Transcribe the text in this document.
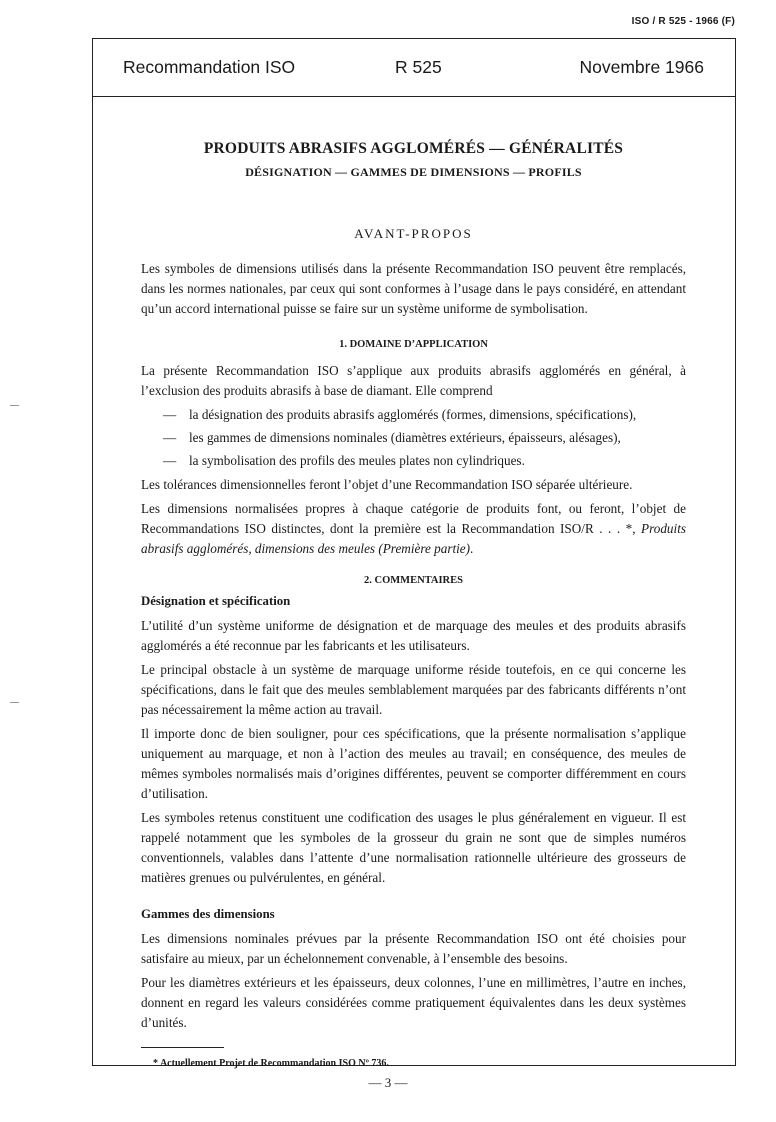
ISO / R 525 - 1966 (F)
Recommandation ISO	R 525	Novembre 1966
PRODUITS ABRASIFS AGGLOMÉRÉS — GÉNÉRALITÉS
DÉSIGNATION — GAMMES DE DIMENSIONS — PROFILS
AVANT-PROPOS

Les symboles de dimensions utilisés dans la présente Recommandation ISO peuvent être remplacés, dans les normes nationales, par ceux qui sont conformes à l’usage dans le pays considéré, en attendant qu’un accord international puisse se faire sur un système uniforme de symbolisation.

1. DOMAINE D’APPLICATION

La présente Recommandation ISO s’applique aux produits abrasifs agglomérés en général, à l’exclusion des produits abrasifs à base de diamant. Elle comprend

— la désignation des produits abrasifs agglomérés (formes, dimensions, spécifications),
— les gammes de dimensions nominales (diamètres extérieurs, épaisseurs, alésages),
— la symbolisation des profils des meules plates non cylindriques.

Les tolérances dimensionnelles feront l’objet d’une Recommandation ISO séparée ultérieure.

Les dimensions normalisées propres à chaque catégorie de produits font, ou feront, l’objet de Recommandations ISO distinctes, dont la première est la Recommandation ISO/R . . . *, Produits abrasifs agglomérés, dimensions des meules (Première partie).

2. COMMENTAIRES
Désignation et spécification

L’utilité d’un système uniforme de désignation et de marquage des meules et des produits abrasifs agglomérés a été reconnue par les fabricants et les utilisateurs.

Le principal obstacle à un système de marquage uniforme réside toutefois, en ce qui concerne les spécifications, dans le fait que des meules semblablement marquées par des fabricants différents n’ont pas nécessairement la même action au travail.

Il importe donc de bien souligner, pour ces spécifications, que la présente normalisation s’applique uniquement au marquage, et non à l’action des meules au travail; en conséquence, des meules de mêmes symboles normalisés mais d’origines différentes, peuvent se comporter différemment en cours d’utilisation.

Les symboles retenus constituent une codification des usages le plus généralement en vigueur. Il est rappelé notamment que les symboles de la grosseur du grain ne sont que de simples numéros conventionnels, valables dans l’attente d’une normalisation rationnelle ultérieure des grosseurs de matières grenues ou pulvérulentes, en général.

Gammes des dimensions

Les dimensions nominales prévues par la présente Recommandation ISO ont été choisies pour satisfaire au mieux, par un échelonnement convenable, à l’ensemble des besoins.

Pour les diamètres extérieurs et les épaisseurs, deux colonnes, l’une en millimètres, l’autre en inches, donnent en regard les valeurs considérées comme pratiquement équivalentes dans les deux systèmes d’unités.

* Actuellement Projet de Recommandation ISO Nº 736.
— 3 —
